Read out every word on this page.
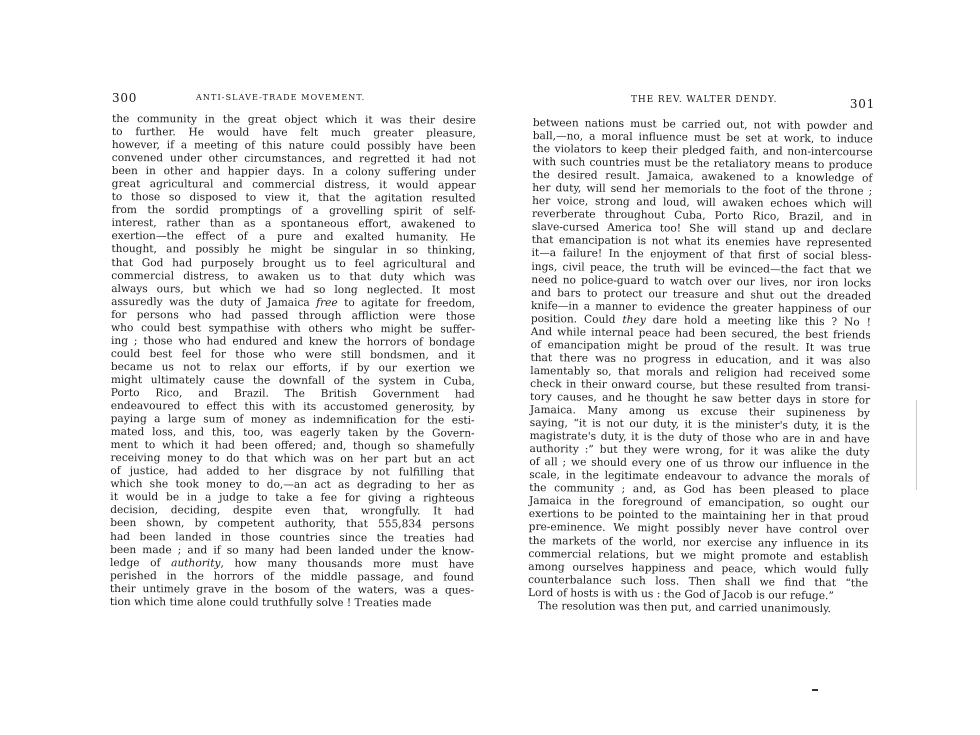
300	ANTI-SLAVE-TRADE MOVEMENT.
the community in the great object which it was their desire
to further. He would have felt much greater pleasure,
however, if a meeting of this nature could possibly have been
convened under other circumstances, and regretted it had not
been in other and happier days. In a colony suffering under
great agricultural and commercial distress, it would appear
to those so disposed to view it, that the agitation resulted
from the sordid promptings of a grovelling spirit of self-
interest, rather than as a spontaneous effort, awakened to
exertion—the effect of a pure and exalted humanity. He
thought, and possibly he might be singular in so thinking,
that God had purposely brought us to feel agricultural and
commercial distress, to awaken us to that duty which was
always ours, but which we had so long neglected. It most
assuredly was the duty of Jamaica free to agitate for freedom,
for persons who had passed through affliction were those
who could best sympathise with others who might be suffer-
ing ; those who had endured and knew the horrors of bondage
could best feel for those who were still bondsmen, and it
became us not to relax our efforts, if by our exertion we
might ultimately cause the downfall of the system in Cuba,
Porto Rico, and Brazil. The British Government had
endeavoured to effect this with its accustomed generosity, by
paying a large sum of money as indemnification for the esti-
mated loss, and this, too, was eagerly taken by the Govern-
ment to which it had been offered; and, though so shamefully
receiving money to do that which was on her part but an act
of justice, had added to her disgrace by not fulfilling that
which she took money to do,—an act as degrading to her as
it would be in a judge to take a fee for giving a righteous
decision, deciding, despite even that, wrongfully. It had
been shown, by competent authority, that 555,834 persons
had been landed in those countries since the treaties had
been made ; and if so many had been landed under the know-
ledge of authority, how many thousands more must have
perished in the horrors of the middle passage, and found
their untimely grave in the bosom of the waters, was a ques-
tion which time alone could truthfully solve ! Treaties made
THE REV. WALTER DENDY.	301
between nations must be carried out, not with powder and
ball,—no, a moral influence must be set at work, to induce
the violators to keep their pledged faith, and non-intercourse
with such countries must be the retaliatory means to produce
the desired result. Jamaica, awakened to a knowledge of
her duty, will send her memorials to the foot of the throne ;
her voice, strong and loud, will awaken echoes which will
reverberate throughout Cuba, Porto Rico, Brazil, and in
slave-cursed America too! She will stand up and declare
that emancipation is not what its enemies have represented
it—a failure! In the enjoyment of that first of social bless-
ings, civil peace, the truth will be evinced—the fact that we
need no police-guard to watch over our lives, nor iron locks
and bars to protect our treasure and shut out the dreaded
knife—in a manner to evidence the greater happiness of our
position. Could they dare hold a meeting like this ? No !
And while internal peace had been secured, the best friends
of emancipation might be proud of the result. It was true
that there was no progress in education, and it was also
lamentably so, that morals and religion had received some
check in their onward course, but these resulted from transi-
tory causes, and he thought he saw better days in store for
Jamaica. Many among us excuse their supineness by
saying, “it is not our duty, it is the minister's duty, it is the
magistrate's duty, it is the duty of those who are in and have
authority :” but they were wrong, for it was alike the duty
of all ; we should every one of us throw our influence in the
scale, in the legitimate endeavour to advance the morals of
the community ; and, as God has been pleased to place
Jamaica in the foreground of emancipation, so ought our
exertions to be pointed to the maintaining her in that proud
pre-eminence. We might possibly never have control over
the markets of the world, nor exercise any influence in its
commercial relations, but we might promote and establish
among ourselves happiness and peace, which would fully
counterbalance such loss. Then shall we find that “the
Lord of hosts is with us : the God of Jacob is our refuge.”
The resolution was then put, and carried unanimously.
